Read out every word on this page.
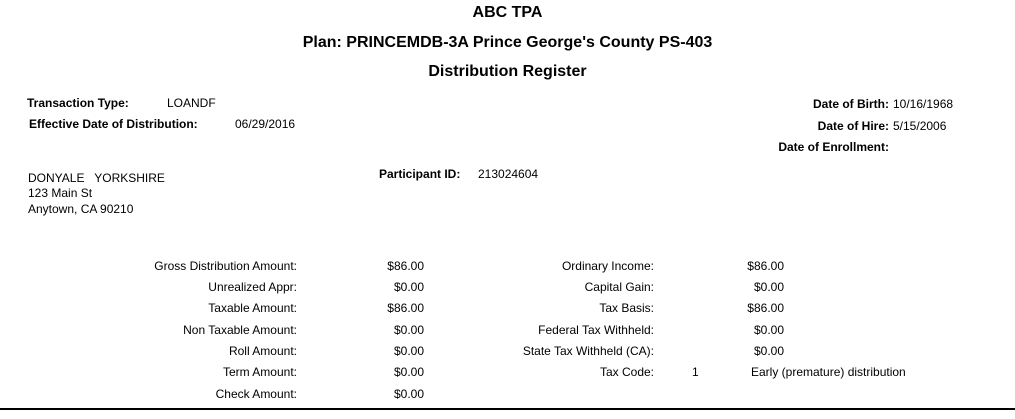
ABC TPA
Plan: PRINCEMDB-3A Prince George's County PS-403
Distribution Register
Transaction Type:	LOANDF
Effective Date of Distribution:	06/29/2016
Date of Birth: 10/16/1968
Date of Hire: 5/15/2006
Date of Enrollment:
DONYALE   YORKSHIRE
123 Main St
Anytown, CA 90210
Participant ID: 213024604
Gross Distribution Amount:	$86.00
Unrealized Appr:	$0.00
Taxable Amount:	$86.00
Non Taxable Amount:	$0.00
Roll Amount:	$0.00
Term Amount:	$0.00
Check Amount:	$0.00
Ordinary Income:	$86.00
Capital Gain:	$0.00
Tax Basis:	$86.00
Federal Tax Withheld:	$0.00
State Tax Withheld (CA):	$0.00
Tax Code:	1	Early (premature) distribution
